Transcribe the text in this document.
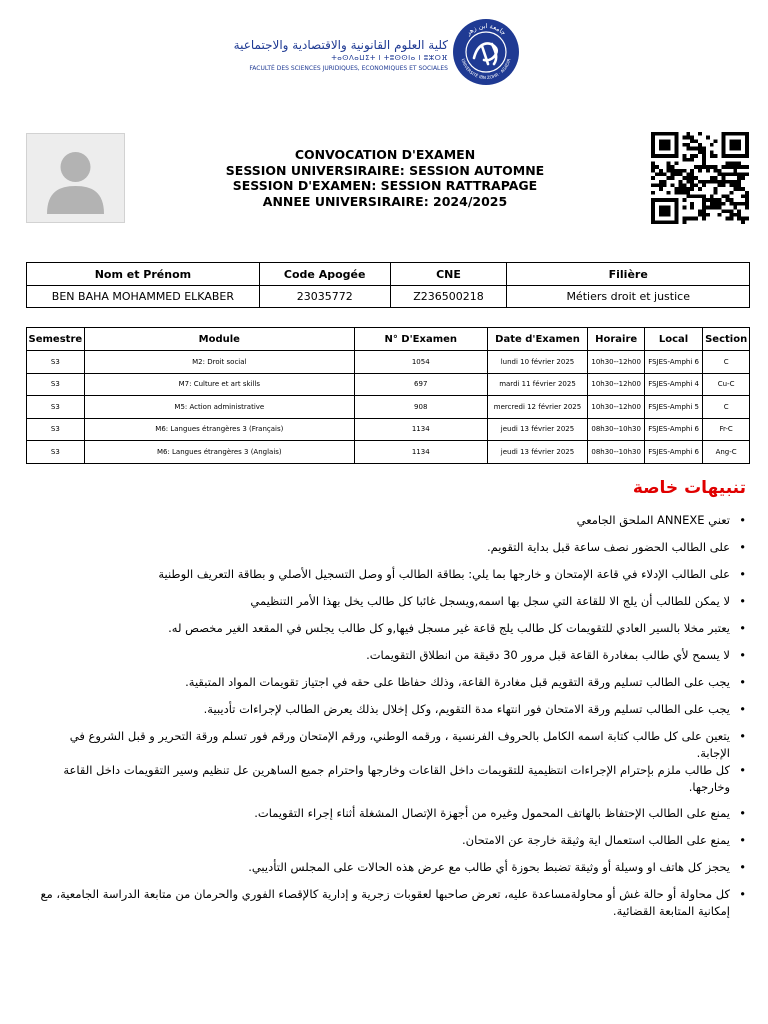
كلية العلوم القانونية والاقتصادية والاجتماعية
ⵜⴰⵙⴷⴰⵡⵉⵜ ⵏ ⵜⵓⵙⵙⵏⴰ ⵏ ⵓⵣⵔⴼ
FACULTÉ DES SCIENCES JURIDIQUES, ECONOMIQUES ET SOCIALES
جامعة ابن زهر
UNIVERSITÉ IBN ZOHR · AGADIR
CONVOCATION D'EXAMEN
SESSION UNIVERSIRAIRE: SESSION AUTOMNE
SESSION D'EXAMEN: SESSION RATTRAPAGE
ANNEE UNIVERSIRAIRE: 2024/2025
Nom et Prénom	Code Apogée	CNE	Filière
BEN BAHA MOHAMMED ELKABER	23035772	Z236500218	Métiers droit et justice
Semestre	Module	N° D'Examen	Date d'Examen	Horaire	Local	Section
S3	M2: Droit social	1054	lundi 10 février 2025	10h30--12h00	FSJES-Amphi 6	C
S3	M7: Culture et art skills	697	mardi 11 février 2025	10h30--12h00	FSJES-Amphi 4	Cu-C
S3	M5: Action administrative	908	mercredi 12 février 2025	10h30--12h00	FSJES-Amphi 5	C
S3	M6: Langues étrangères 3 (Français)	1134	jeudi 13 février 2025	08h30--10h30	FSJES-Amphi 6	Fr-C
S3	M6: Langues étrangères 3 (Anglais)	1134	jeudi 13 février 2025	08h30--10h30	FSJES-Amphi 6	Ang-C
تنبيهات خاصة
• تعني ANNEXE الملحق الجامعي
• على الطالب الحضور نصف ساعة قبل بداية التقويم.
• على الطالب الإدلاء في قاعة الإمتحان و خارجها بما يلي: بطاقة الطالب أو وصل التسجيل الأصلي و بطاقة التعريف الوطنية
• لا يمكن للطالب أن يلج الا للقاعة التي سجل بها اسمه,ويسجل غائبا كل طالب يخل بهذا الأمر التنظيمي
• يعتبر مخلا بالسير العادي للتقويمات كل طالب يلج قاعة غير مسجل فيها,و كل طالب يجلس في المقعد الغير مخصص له.
• لا يسمح لأي طالب بمغادرة القاعة قبل مرور 30 دقيقة من انطلاق التقويمات.
• يجب على الطالب تسليم ورقة التقويم قبل مغادرة القاعة، وذلك حفاظا على حقه في اجتياز تقويمات المواد المتبقية.
• يجب على الطالب تسليم ورقة الامتحان فور انتهاء مدة التقويم، وكل إخلال بذلك يعرض الطالب لإجراءات تأديبية.
• يتعين على كل طالب كتابة اسمه الكامل بالحروف الفرنسية ، ورقمه الوطني، ورقم الإمتحان ورقم فور تسلم ورقة التحرير و قبل الشروع في الإجابة.
• كل طالب ملزم بإحترام الإجراءات انتظيمية للتقويمات داخل القاعات وخارجها واحترام جميع الساهرين عل تنظيم وسير التقويمات داخل القاعة وخارجها.
• يمنع على الطالب الإحتفاظ بالهاتف المحمول وغيره من أجهزة الإتصال المشغلة أثناء إجراء التقويمات.
• يمنع على الطالب استعمال اية وثيقة خارجة عن الامتحان.
• يحجز كل هاتف او وسيلة أو وثيقة تضبط بحوزة أي طالب مع عرض هذه الحالات على المجلس التأديبي.
• كل محاولة أو حالة غش أو محاولةمساعدة عليه، تعرض صاحبها لعقوبات زجرية و إدارية كالإقصاء الفوري والحرمان من متابعة الدراسة الجامعية، مع إمكانية المتابعة القضائية.
